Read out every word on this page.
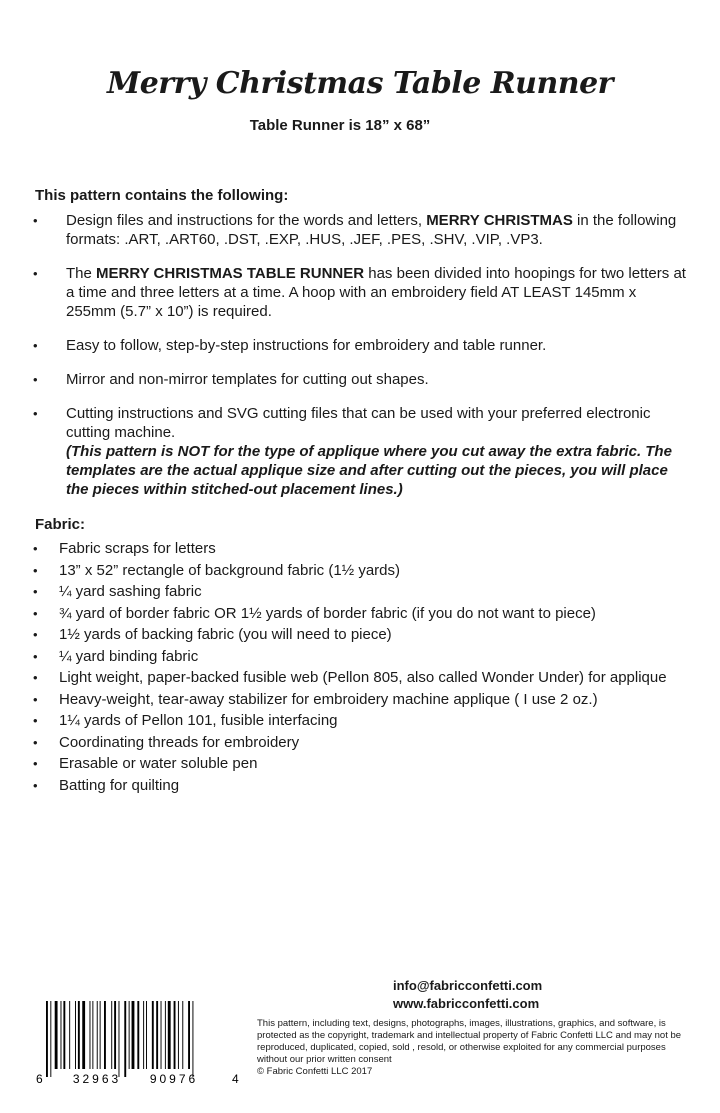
Merry Christmas Table Runner
Table Runner is 18” x 68”
This pattern contains the following:
• Design files and instructions for the words and letters, MERRY CHRISTMAS in the following formats: .ART, .ART60, .DST, .EXP, .HUS, .JEF, .PES, .SHV, .VIP, .VP3.
• The MERRY CHRISTMAS TABLE RUNNER has been divided into hoopings for two letters at a time and three letters at a time. A hoop with an embroidery field AT LEAST 145mm x 255mm (5.7” x 10”) is required.
• Easy to follow, step-by-step instructions for embroidery and table runner.
• Mirror and non-mirror templates for cutting out shapes.
• Cutting instructions and SVG cutting files that can be used with your preferred electronic cutting machine.
(This pattern is NOT for the type of applique where you cut away the extra fabric. The templates are the actual applique size and after cutting out the pieces, you will place the pieces within stitched-out placement lines.)
Fabric:
• Fabric scraps for letters
• 13” x 52” rectangle of background fabric (1½ yards)
• ¼ yard sashing fabric
• ¾ yard of border fabric OR 1½ yards of border fabric (if you do not want to piece)
• 1½ yards of backing fabric (you will need to piece)
• ¼ yard binding fabric
• Light weight, paper-backed fusible web (Pellon 805, also called Wonder Under) for applique
• Heavy-weight, tear-away stabilizer for embroidery machine applique ( I use 2 oz.)
• 1¼ yards of Pellon 101, fusible interfacing
• Coordinating threads for embroidery
• Erasable or water soluble pen
• Batting for quilting
info@fabricconfetti.com
www.fabricconfetti.com
This pattern, including text, designs, photographs, images, illustrations, graphics, and software, is protected as the copyright, trademark and intellectual property of Fabric Confetti LLC and may not be reproduced, duplicated, copied, sold , resold, or otherwise exploited for any commercial purposes without our prior written consent
© Fabric Confetti LLC 2017
6	32963 90976	4
